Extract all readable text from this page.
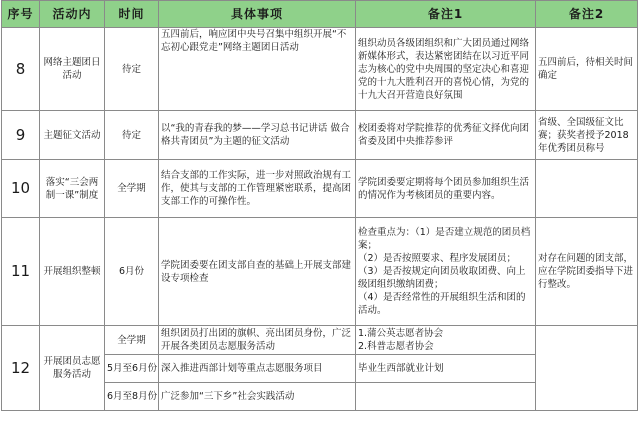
序号	活动内	时间	具体事项	备注1	备注2
8	网络主题团日活动	待定	五四前后，响应团中央号召集中组织开展“不忘初心跟党走”网络主题团日活动	组织动员各级团组织和广大团员通过网络新媒体形式，表达紧密团结在以习近平同志为核心的党中央周围的坚定决心和喜迎党的十九大胜利召开的喜悦心情，为党的十九大召开营造良好氛围	五四前后，待相关时间确定
9	主题征文活动	待定	以“我的青春我的梦——学习总书记讲话 做合格共青团员”为主题的征文活动	校团委将对学院推荐的优秀征文择优向团省委及团中央推荐参评	省级、全国级征文比赛；获奖者授予2018年优秀团员称号
10	落实“三会两制一课”制度	全学期	结合支部的工作实际，进一步对照政治规有工作，使其与支部的工作管理紧密联系，提高团支部工作的可操作性。	学院团委要定期将每个团员参加组织生活的情况作为考核团员的重要内容。	
11	开展组织整顿	6月份	学院团委要在团支部自查的基础上开展支部建设专项检查	检查重点为：（1）是否建立规范的团员档案；
（2）是否按照要求、程序发展团员；
（3）是否按规定向团员收取团费、向上级团组织缴纳团费；
（4）是否经常性的开展组织生活和团的活动。	对存在问题的团支部，应在学院团委指导下进行整改。
12	开展团员志愿服务活动	全学期	组织团员打出团的旗帜、亮出团员身份，广泛开展各类团员志愿服务活动	1.蒲公英志愿者协会
2.科普志愿者协会	

		5月至6月份	深入推进西部计划等重点志愿服务项目	毕业生西部就业计划	
		6月至8月份	广泛参加“三下乡”社会实践活动		
